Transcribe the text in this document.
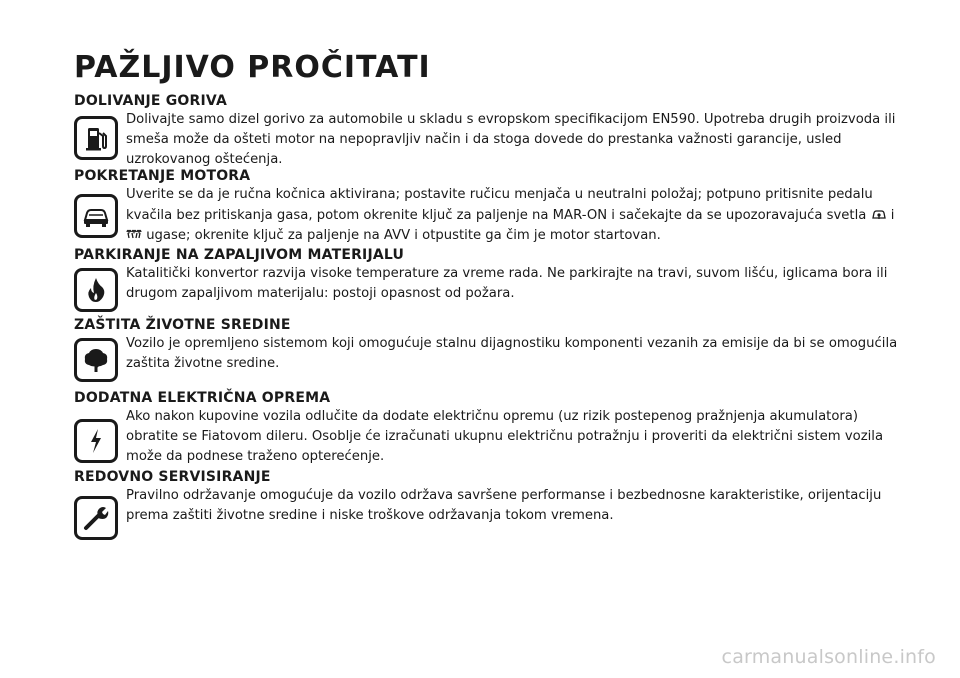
PAŽLJIVO PROČITATI
DOLIVANJE GORIVA

Dolivajte samo dizel gorivo za automobile u skladu s evropskom specifikacijom EN590. Upotreba drugih proizvoda ili smeša može da ošteti motor na nepopravljiv način i da stoga dovede do prestanka važnosti garancije, usled uzrokovanog oštećenja.

POKRETANJE MOTORA

Uverite se da je ručna kočnica aktivirana; postavite ručicu menjača u neutralni položaj; potpuno pritisnite pedalu kvačila bez pritiskanja gasa, potom okrenite ključ za paljenje na MAR-ON i sačekajte da se upozoravajuća svetla i  ugase; okrenite ključ za paljenje na AVV i otpustite ga čim je motor startovan.

PARKIRANJE NA ZAPALJIVOM MATERIJALU

Katalitički konvertor razvija visoke temperature za vreme rada. Ne parkirajte na travi, suvom lišću, iglicama bora ili drugom zapaljivom materijalu: postoji opasnost od požara.

ZAŠTITA ŽIVOTNE SREDINE

Vozilo je opremljeno sistemom koji omogućuje stalnu dijagnostiku komponenti vezanih za emisije da bi se omogućila zaštita životne sredine.

DODATNA ELEKTRIČNA OPREMA

Ako nakon kupovine vozila odlučite da dodate električnu opremu (uz rizik postepenog pražnjenja akumulatora) obratite se Fiatovom dileru. Osoblje će izračunati ukupnu električnu potražnju i proveriti da električni sistem vozila može da podnese traženo opterećenje.

REDOVNO SERVISIRANJE

Pravilno održavanje omogućuje da vozilo održava savršene performanse i bezbednosne karakteristike, orijentaciju prema zaštiti životne sredine i niske troškove održavanja tokom vremena.

carmanualsonline.info
